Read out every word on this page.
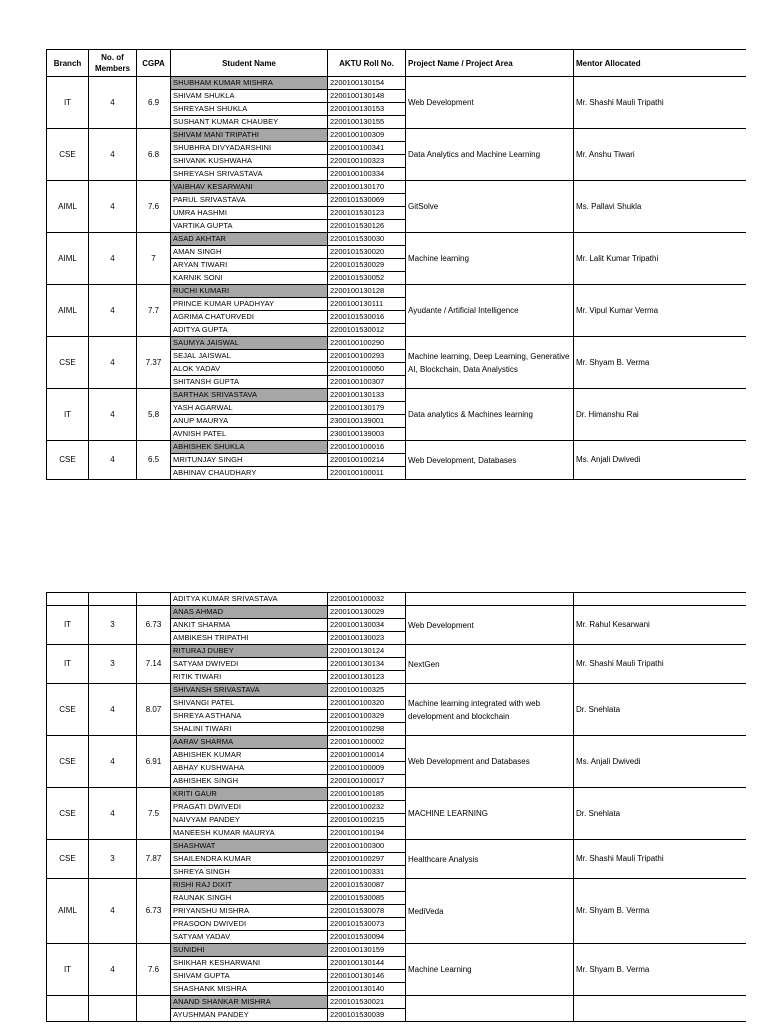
Branch	No. of Members	CGPA	Student Name	AKTU Roll No.	Project Name / Project Area	Mentor Allocated
IT	4	6.9	SHUBHAM KUMAR MISHRA	2200100130154	Web Development	Mr. Shashi Mauli Tripathi
			SHIVAM SHUKLA	2200100130148		
			SHREYASH SHUKLA	2200100130153		
			SUSHANT KUMAR CHAUBEY	2200100130155		
CSE	4	6.8	SHIVAM MANI TRIPATHI	2200100100309	Data Analytics and Machine Learning	Mr. Anshu Tiwari
			SHUBHRA DIVYADARSHINI	2200100100341		
			SHIVANK KUSHWAHA	2200100100323		
			SHREYASH SRIVASTAVA	2200100100334		
AIML	4	7.6	VAIBHAV KESARWANI	2200100130170	GitSolve	Ms. Pallavi Shukla
			PARUL SRIVASTAVA	2200101530069		
			UMRA HASHMI	2200101530123		
			VARTIKA GUPTA	2200101530126		
AIML	4	7	ASAD AKHTAR	2200101530030	Machine learning	Mr. Lalit Kumar Tripathi
			AMAN SINGH	2200101530020		
			ARYAN TIWARI	2200101530029		
			KARNIK SONI	2200101530052		
AIML	4	7.7	RUCHI KUMARI	2200100130128	Ayudante / Artificial Intelligence	Mr. Vipul Kumar Verma
			PRINCE KUMAR UPADHYAY	2200100130111		
			AGRIMA CHATURVEDI	2200101530016		
			ADITYA GUPTA	2200101530012		
CSE	4	7.37	SAUMYA JAISWAL	2200100100290	Machine learning, Deep Learning, Generative AI, Blockchain, Data Analystics	Mr. Shyam B. Verma
			SEJAL JAISWAL	2200100100293		
			ALOK YADAV	2200100100050		
			SHITANSH GUPTA	2200100100307		
IT	4	5.8	SARTHAK SRIVASTAVA	2200100130133	Data analytics & Machines learning	Dr. Himanshu Rai
			YASH AGARWAL	2200100130179		
			ANUP MAURYA	2300100139001		
			AVNISH PATEL	2300100139003		
CSE	4	6.5	ABHISHEK SHUKLA	2200100100016	Web Development, Databases	Ms. Anjali Dwivedi
			MRITUNJAY SINGH	2200100100214		
			ABHINAV CHAUDHARY	2200100100011		
			ADITYA KUMAR SRIVASTAVA	2200100100032		
IT	3	6.73	ANAS AHMAD	2200100130029	Web Development	Mr. Rahul Kesarwani
			ANKIT SHARMA	2200100130034		
			AMBIKESH TRIPATHI	2200100130023		
IT	3	7.14	RITURAJ DUBEY	2200100130124	NextGen	Mr. Shashi Mauli Tripathi
			SATYAM DWIVEDI	2200100130134		
			RITIK TIWARI	2200100130123		
CSE	4	8.07	SHIVANSH SRIVASTAVA	2200100100325	Machine learning integrated with web development and blockchain	Dr. Snehlata
			SHIVANGI PATEL	2200100100320		
			SHREYA ASTHANA	2200100100329		
			SHALINI TIWARI	2200100100298		
CSE	4	6.91	AARAV SHARMA	2200100100002	Web Development and Databases	Ms. Anjali Dwivedi
			ABHISHEK KUMAR	2200100100014		
			ABHAY KUSHWAHA	2200100100009		
			ABHISHEK SINGH	2200100100017		
CSE	4	7.5	KRITI GAUR	2200100100185	MACHINE LEARNING	Dr. Snehlata
			PRAGATI DWIVEDI	2200100100232		
			NAIVYAM PANDEY	2200100100215		
			MANEESH KUMAR MAURYA	2200100100194		
CSE	3	7.87	SHASHWAT	2200100100300	Healthcare Analysis	Mr. Shashi Mauli Tripathi
			SHAILENDRA KUMAR	2200100100297		
			SHREYA SINGH	2200100100331		
AIML	4	6.73	RISHI RAJ DIXIT	2200101530087	MediVeda	Mr. Shyam B. Verma
			RAUNAK SINGH	2200101530085		
			PRIYANSHU MISHRA	2200101530078		
			PRASOON DWIVEDI	2200101530073		
			SATYAM YADAV	2200101530094		
IT	4	7.6	SUNIDHI	2200100130159	Machine Learning	Mr. Shyam B. Verma
			SHIKHAR KESHARWANI	2200100130144		
			SHIVAM GUPTA	2200100130146		
			SHASHANK MISHRA	2200100130140		
			ANAND SHANKAR MISHRA	2200101530021		
			AYUSHMAN PANDEY	2200101530039		
